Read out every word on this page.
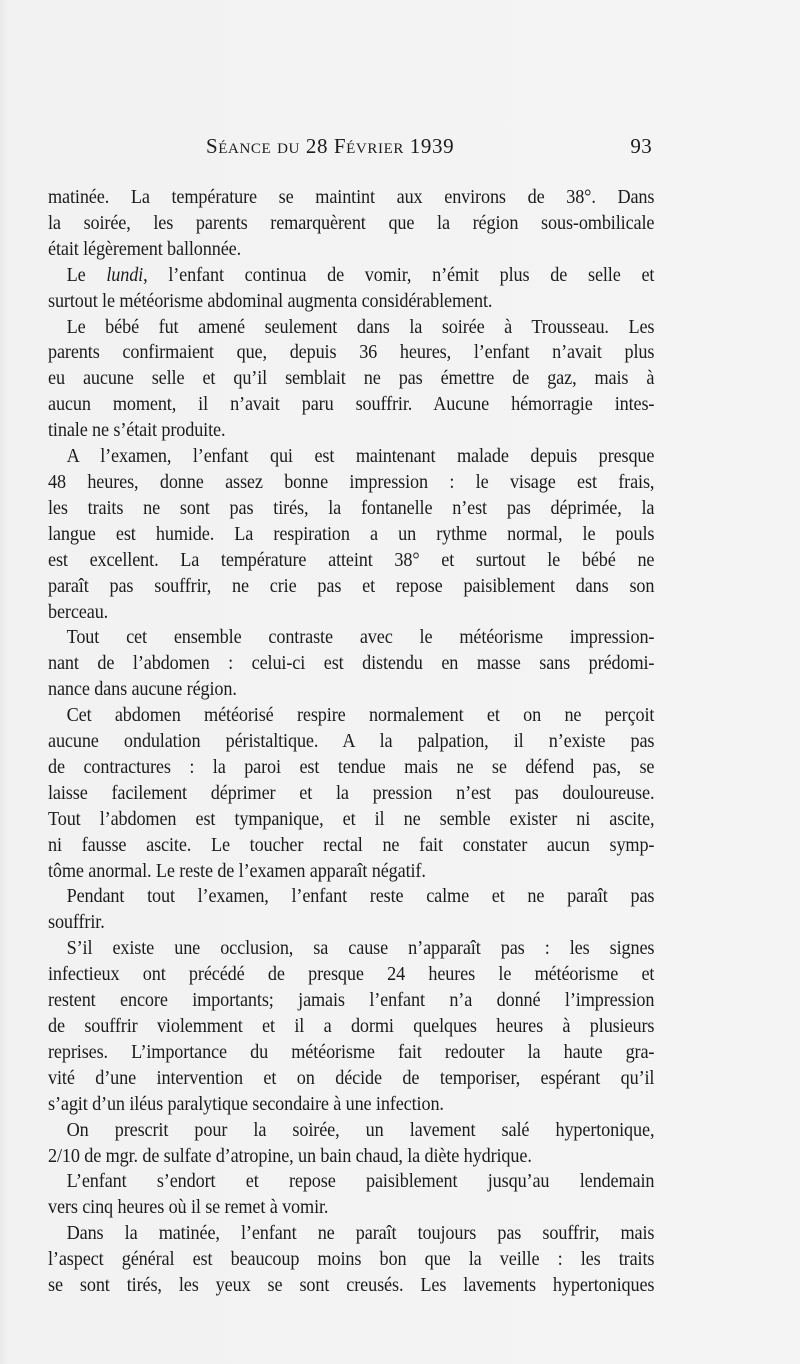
Séance du 28 Février 1939	93

matinée. La température se maintint aux environs de 38°. Dans
la soirée, les parents remarquèrent que la région sous-ombilicale
était légèrement ballonnée.

Le lundi, l’enfant continua de vomir, n’émit plus de selle et
surtout le météorisme abdominal augmenta considérablement.

Le bébé fut amené seulement dans la soirée à Trousseau. Les
parents confirmaient que, depuis 36 heures, l’enfant n’avait plus
eu aucune selle et qu’il semblait ne pas émettre de gaz, mais à
aucun moment, il n’avait paru souffrir. Aucune hémorragie intes-
tinale ne s’était produite.

A l’examen, l’enfant qui est maintenant malade depuis presque
48 heures, donne assez bonne impression : le visage est frais,
les traits ne sont pas tirés, la fontanelle n’est pas déprimée, la
langue est humide. La respiration a un rythme normal, le pouls
est excellent. La température atteint 38° et surtout le bébé ne
paraît pas souffrir, ne crie pas et repose paisiblement dans son
berceau.

Tout cet ensemble contraste avec le météorisme impression-
nant de l’abdomen : celui-ci est distendu en masse sans prédomi-
nance dans aucune région.

Cet abdomen météorisé respire normalement et on ne perçoit
aucune ondulation péristaltique. A la palpation, il n’existe pas
de contractures : la paroi est tendue mais ne se défend pas, se
laisse facilement déprimer et la pression n’est pas douloureuse.
Tout l’abdomen est tympanique, et il ne semble exister ni ascite,
ni fausse ascite. Le toucher rectal ne fait constater aucun symp-
tôme anormal. Le reste de l’examen apparaît négatif.

Pendant tout l’examen, l’enfant reste calme et ne paraît pas
souffrir.

S’il existe une occlusion, sa cause n’apparaît pas : les signes
infectieux ont précédé de presque 24 heures le météorisme et
restent encore importants; jamais l’enfant n’a donné l’impression
de souffrir violemment et il a dormi quelques heures à plusieurs
reprises. L’importance du météorisme fait redouter la haute gra-
vité d’une intervention et on décide de temporiser, espérant qu’il
s’agit d’un iléus paralytique secondaire à une infection.

On prescrit pour la soirée, un lavement salé hypertonique,
2/10 de mgr. de sulfate d’atropine, un bain chaud, la diète hydrique.

L’enfant s’endort et repose paisiblement jusqu’au lendemain
vers cinq heures où il se remet à vomir.

Dans la matinée, l’enfant ne paraît toujours pas souffrir, mais
l’aspect général est beaucoup moins bon que la veille : les traits
se sont tirés, les yeux se sont creusés. Les lavements hypertoniques
